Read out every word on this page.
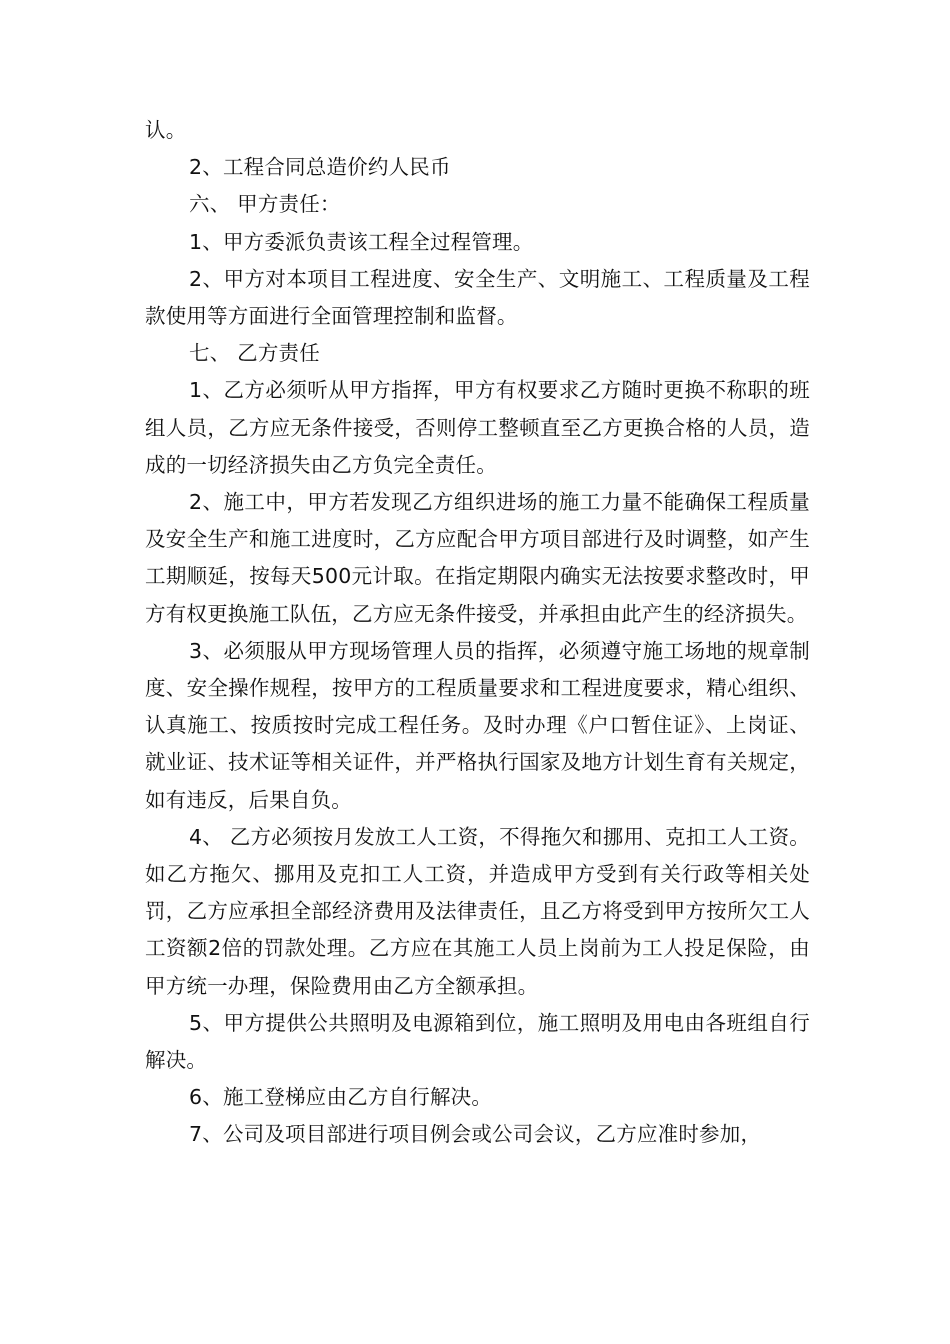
认。

2、工程合同总造价约人民币

六、 甲方责任：

1、甲方委派负责该工程全过程管理。

2、甲方对本项目工程进度、安全生产、文明施工、工程质量及工程款使用等方面进行全面管理控制和监督。

七、 乙方责任

1、乙方必须听从甲方指挥，甲方有权要求乙方随时更换不称职的班组人员，乙方应无条件接受，否则停工整顿直至乙方更换合格的人员，造成的一切经济损失由乙方负完全责任。

2、施工中，甲方若发现乙方组织进场的施工力量不能确保工程质量及安全生产和施工进度时，乙方应配合甲方项目部进行及时调整，如产生工期顺延，按每天500元计取。在指定期限内确实无法按要求整改时，甲方有权更换施工队伍，乙方应无条件接受，并承担由此产生的经济损失。

3、必须服从甲方现场管理人员的指挥，必须遵守施工场地的规章制度、安全操作规程，按甲方的工程质量要求和工程进度要求，精心组织、认真施工、按质按时完成工程任务。及时办理《户口暂住证》、上岗证、就业证、技术证等相关证件，并严格执行国家及地方计划生育有关规定，如有违反，后果自负。

4、 乙方必须按月发放工人工资，不得拖欠和挪用、克扣工人工资。如乙方拖欠、挪用及克扣工人工资，并造成甲方受到有关行政等相关处罚，乙方应承担全部经济费用及法律责任，且乙方将受到甲方按所欠工人工资额2倍的罚款处理。乙方应在其施工人员上岗前为工人投足保险，由甲方统一办理，保险费用由乙方全额承担。

5、甲方提供公共照明及电源箱到位，施工照明及用电由各班组自行解决。

6、施工登梯应由乙方自行解决。

7、公司及项目部进行项目例会或公司会议，乙方应准时参加，
